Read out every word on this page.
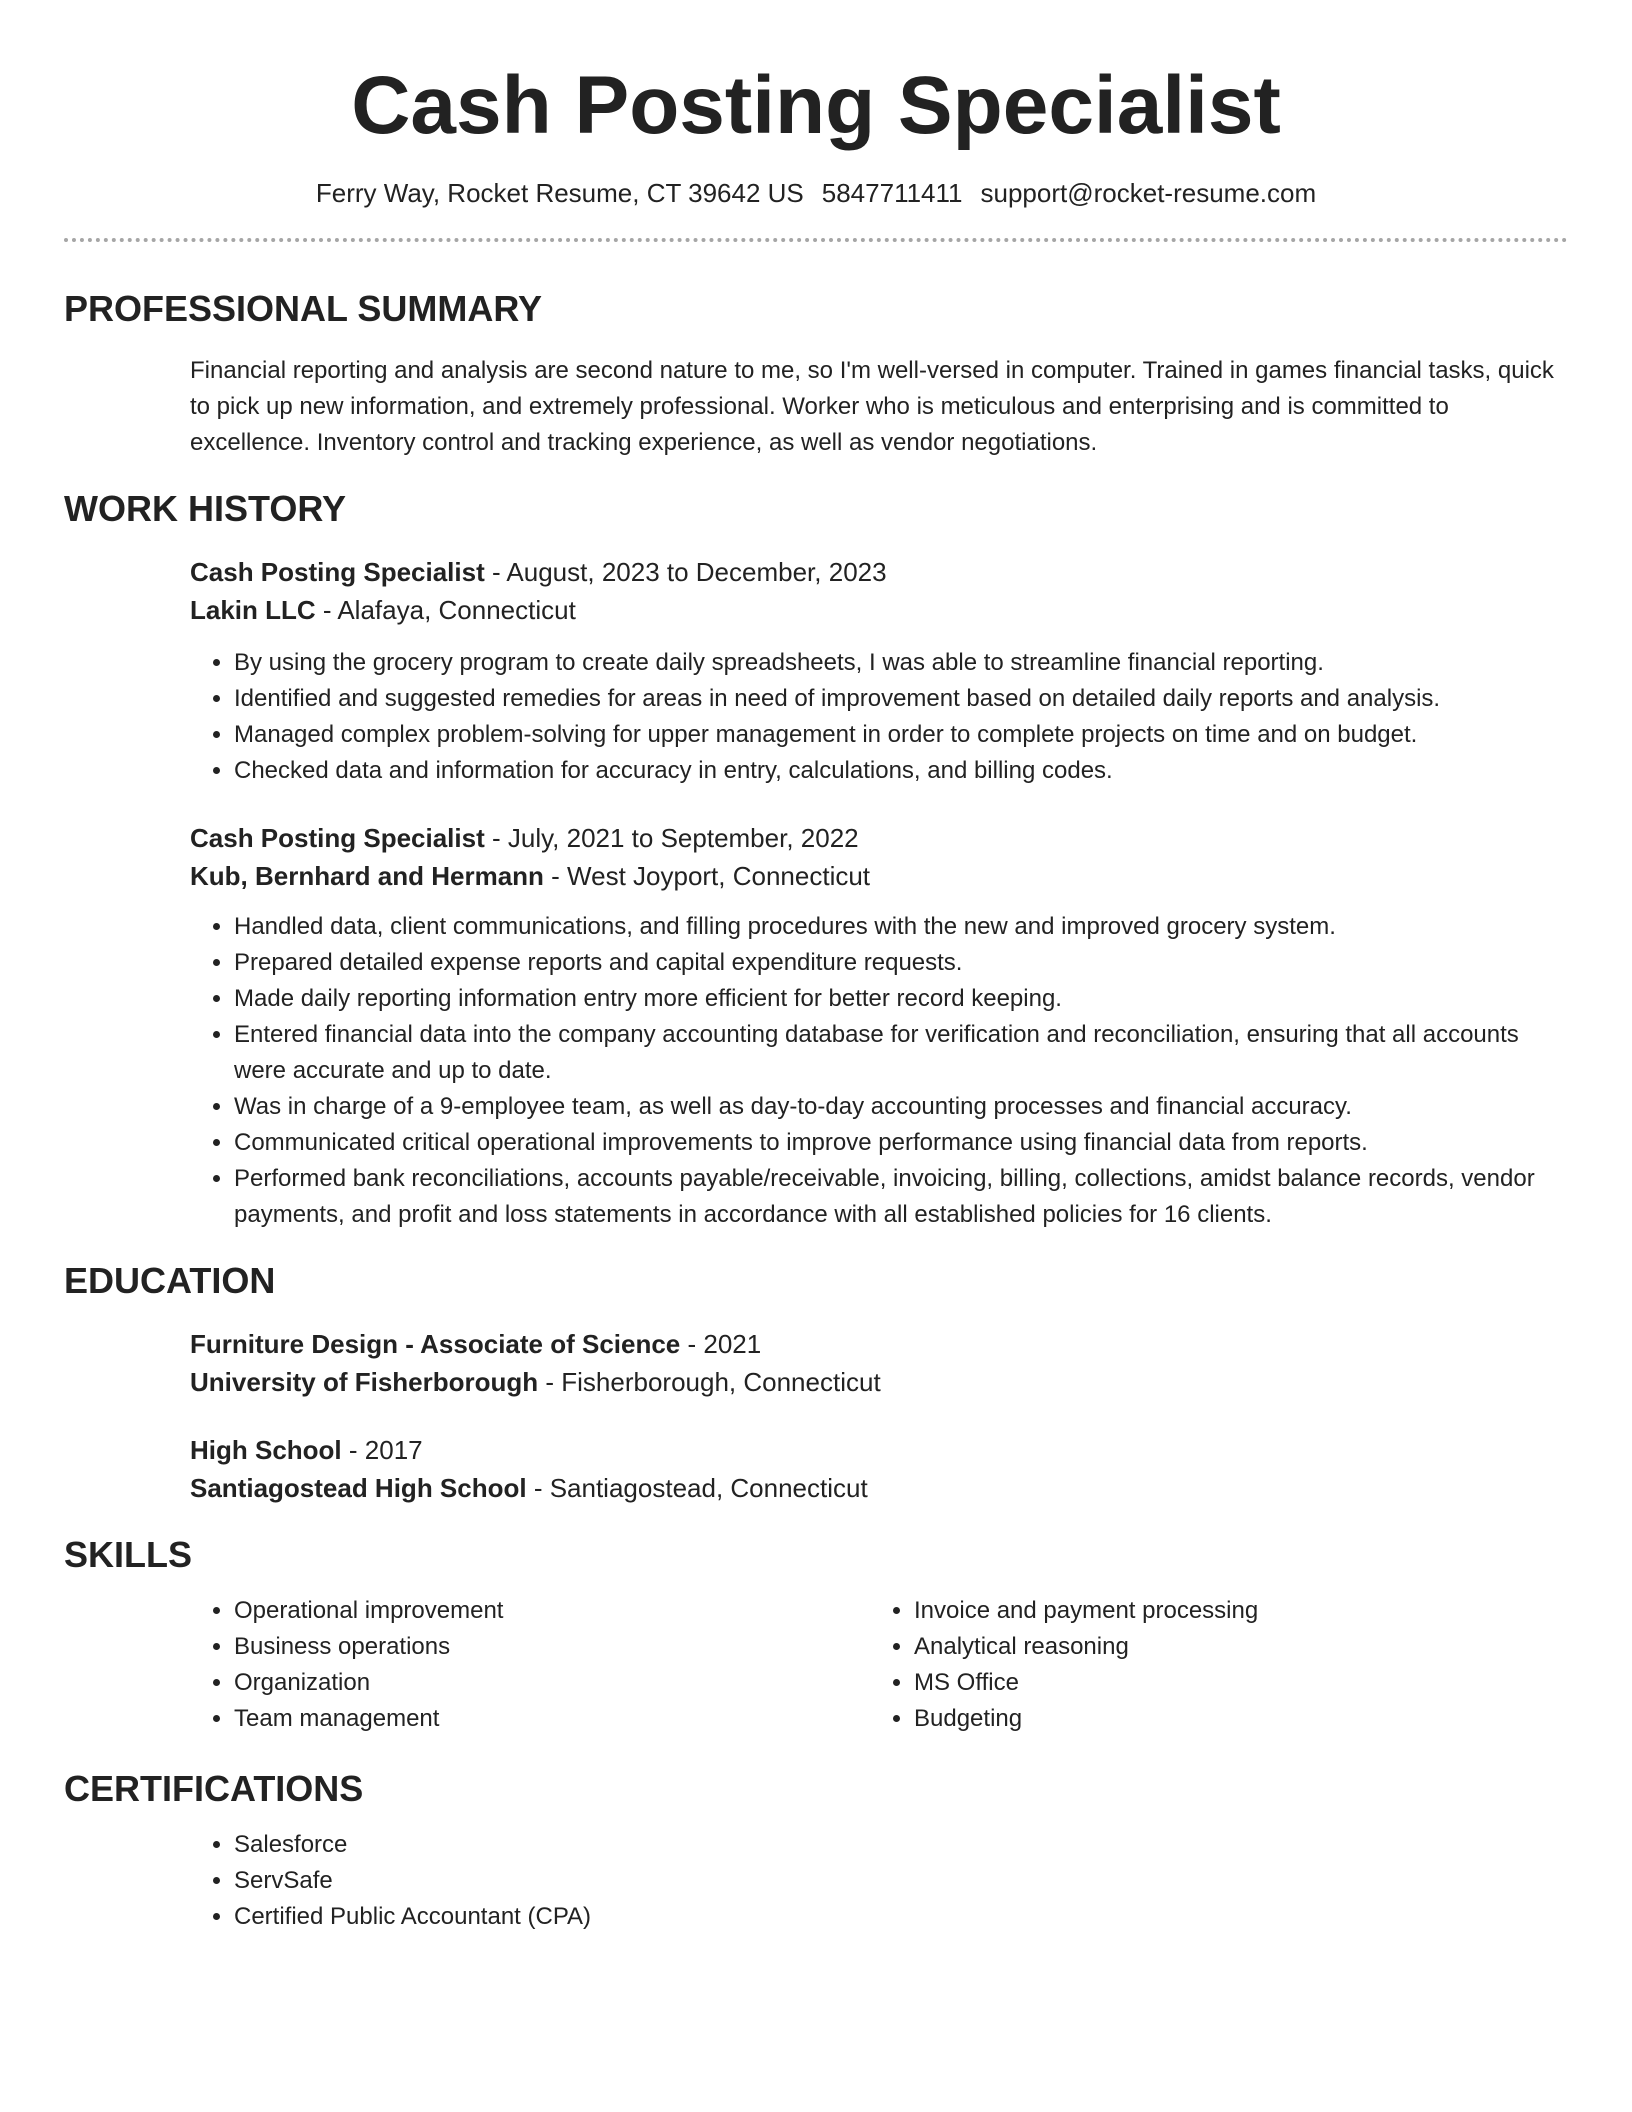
Cash Posting Specialist
Ferry Way, Rocket Resume, CT 39642 US 5847711411 support@rocket-resume.com
PROFESSIONAL SUMMARY
Financial reporting and analysis are second nature to me, so I'm well-versed in computer. Trained in games financial tasks, quick to pick up new information, and extremely professional. Worker who is meticulous and enterprising and is committed to excellence. Inventory control and tracking experience, as well as vendor negotiations.
WORK HISTORY
Cash Posting Specialist - August, 2023 to December, 2023
Lakin LLC - Alafaya, Connecticut
• By using the grocery program to create daily spreadsheets, I was able to streamline financial reporting.
• Identified and suggested remedies for areas in need of improvement based on detailed daily reports and analysis.
• Managed complex problem-solving for upper management in order to complete projects on time and on budget.
• Checked data and information for accuracy in entry, calculations, and billing codes.
Cash Posting Specialist - July, 2021 to September, 2022
Kub, Bernhard and Hermann - West Joyport, Connecticut
• Handled data, client communications, and filling procedures with the new and improved grocery system.
• Prepared detailed expense reports and capital expenditure requests.
• Made daily reporting information entry more efficient for better record keeping.
• Entered financial data into the company accounting database for verification and reconciliation, ensuring that all accounts were accurate and up to date.
• Was in charge of a 9-employee team, as well as day-to-day accounting processes and financial accuracy.
• Communicated critical operational improvements to improve performance using financial data from reports.
• Performed bank reconciliations, accounts payable/receivable, invoicing, billing, collections, amidst balance records, vendor payments, and profit and loss statements in accordance with all established policies for 16 clients.
EDUCATION
Furniture Design - Associate of Science - 2021
University of Fisherborough - Fisherborough, Connecticut
High School - 2017
Santiagostead High School - Santiagostead, Connecticut
SKILLS
• Operational improvement
• Business operations
• Organization
• Team management
• Invoice and payment processing
• Analytical reasoning
• MS Office
• Budgeting
CERTIFICATIONS
• Salesforce
• ServSafe
• Certified Public Accountant (CPA)
